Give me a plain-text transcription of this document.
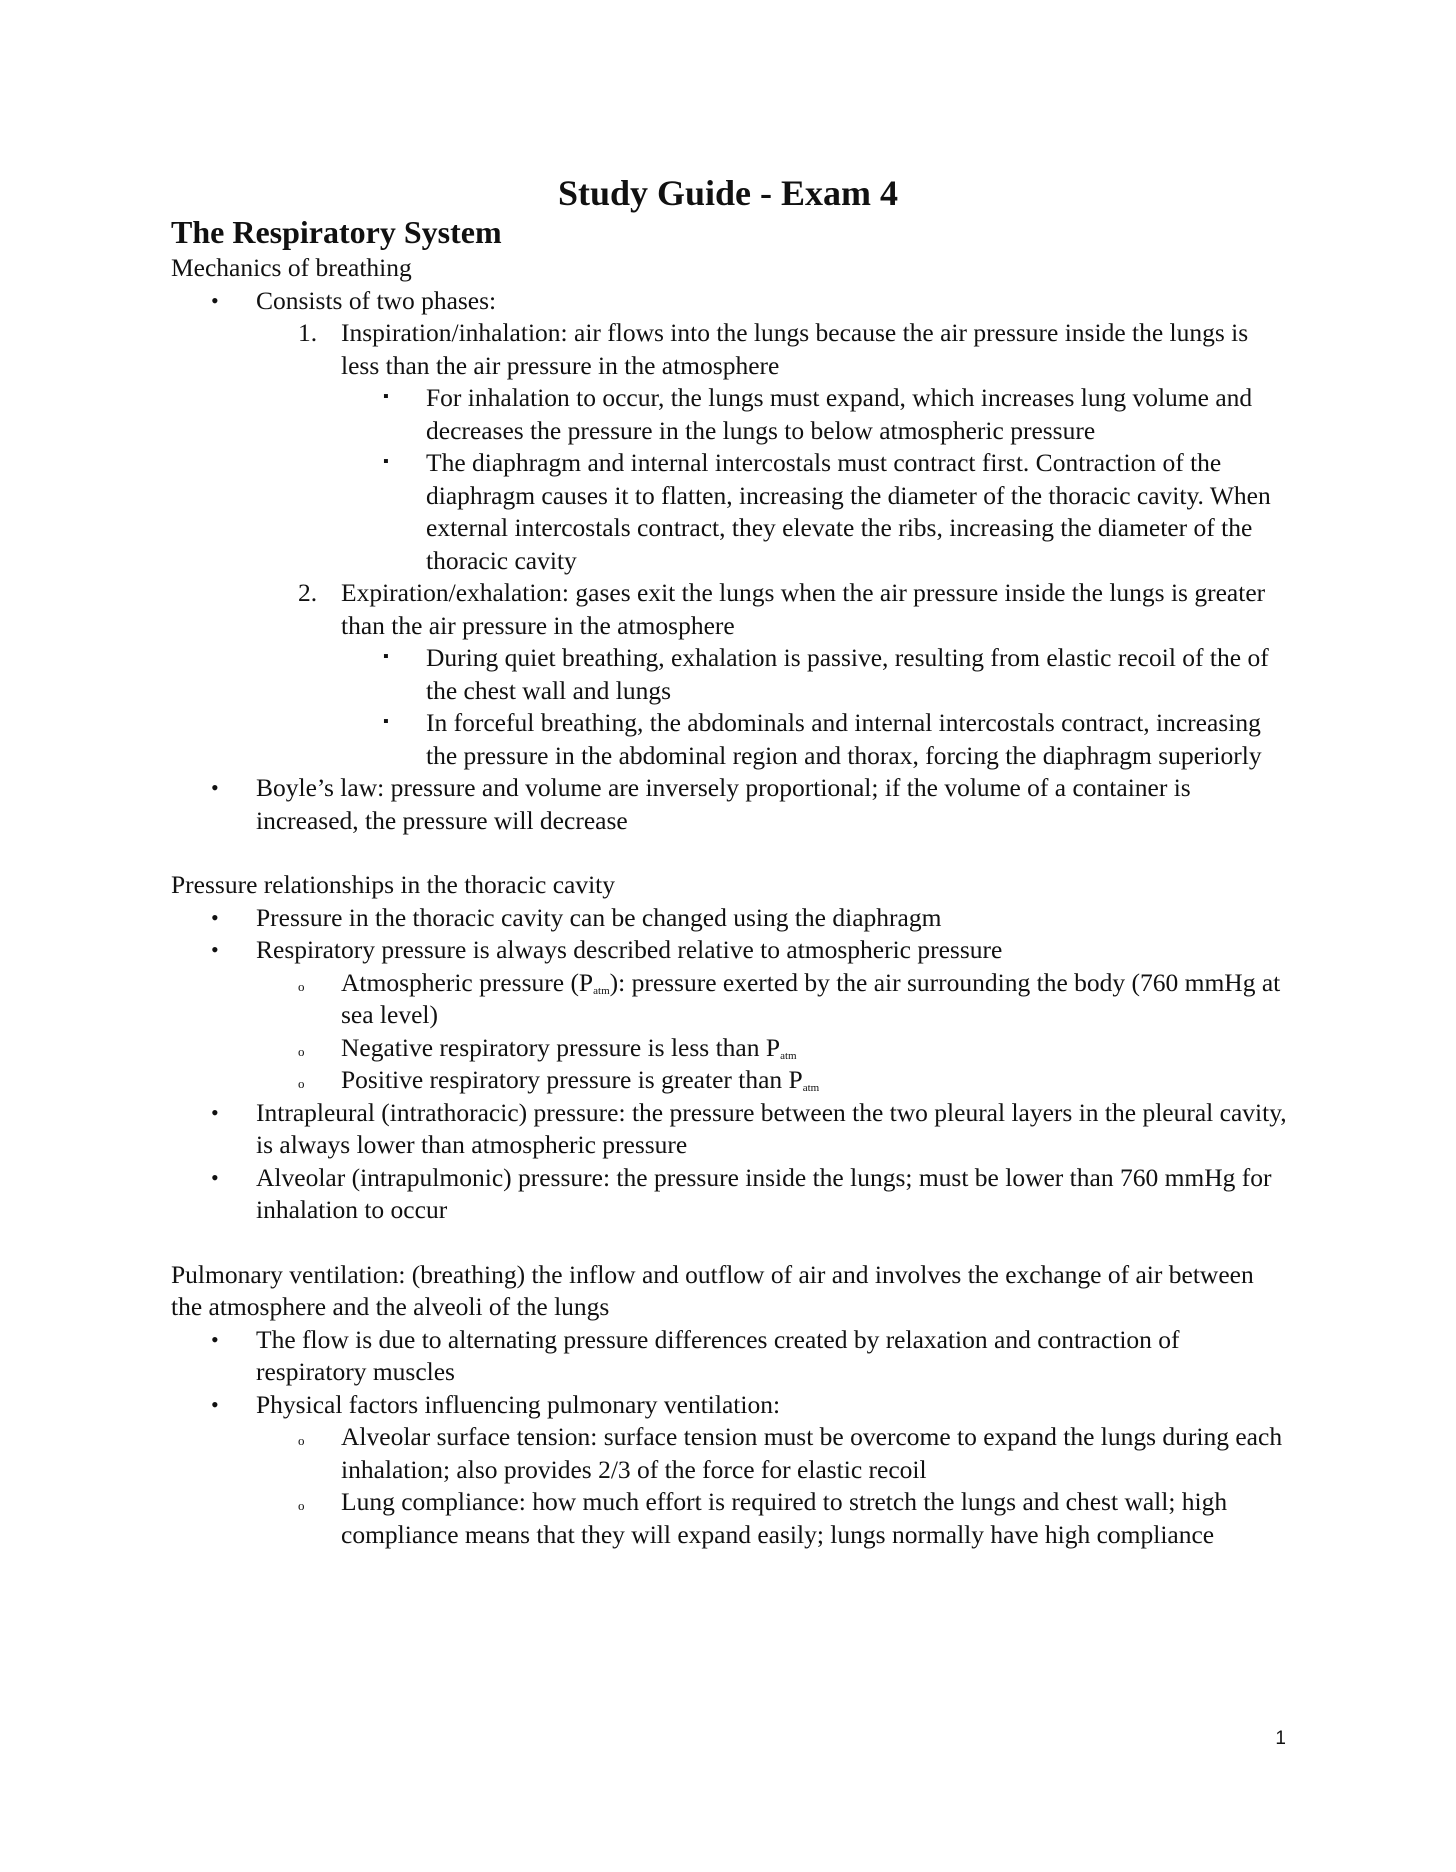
Study Guide - Exam 4
The Respiratory System
Mechanics of breathing
• Consists of two phases:
1. Inspiration/inhalation: air flows into the lungs because the air pressure inside the lungs is less than the air pressure in the atmosphere
▪ For inhalation to occur, the lungs must expand, which increases lung volume and decreases the pressure in the lungs to below atmospheric pressure
▪ The diaphragm and internal intercostals must contract first. Contraction of the diaphragm causes it to flatten, increasing the diameter of the thoracic cavity. When external intercostals contract, they elevate the ribs, increasing the diameter of the thoracic cavity
2. Expiration/exhalation: gases exit the lungs when the air pressure inside the lungs is greater than the air pressure in the atmosphere
▪ During quiet breathing, exhalation is passive, resulting from elastic recoil of the of the chest wall and lungs
▪ In forceful breathing, the abdominals and internal intercostals contract, increasing the pressure in the abdominal region and thorax, forcing the diaphragm superiorly
• Boyle’s law: pressure and volume are inversely proportional; if the volume of a container is increased, the pressure will decrease
Pressure relationships in the thoracic cavity
• Pressure in the thoracic cavity can be changed using the diaphragm
• Respiratory pressure is always described relative to atmospheric pressure
o Atmospheric pressure $(P_{atm})$: pressure exerted by the air surrounding the body (760 mmHg at sea level)
o Negative respiratory pressure is less than $P_{atm}$
o Positive respiratory pressure is greater than $P_{atm}$
• Intrapleural (intrathoracic) pressure: the pressure between the two pleural layers in the pleural cavity, is always lower than atmospheric pressure
• Alveolar (intrapulmonic) pressure: the pressure inside the lungs; must be lower than 760 mmHg for inhalation to occur
Pulmonary ventilation: (breathing) the inflow and outflow of air and involves the exchange of air between the atmosphere and the alveoli of the lungs
• The flow is due to alternating pressure differences created by relaxation and contraction of respiratory muscles
• Physical factors influencing pulmonary ventilation:
o Alveolar surface tension: surface tension must be overcome to expand the lungs during each inhalation; also provides 2/3 of the force for elastic recoil
o Lung compliance: how much effort is required to stretch the lungs and chest wall; high compliance means that they will expand easily; lungs normally have high compliance
1
